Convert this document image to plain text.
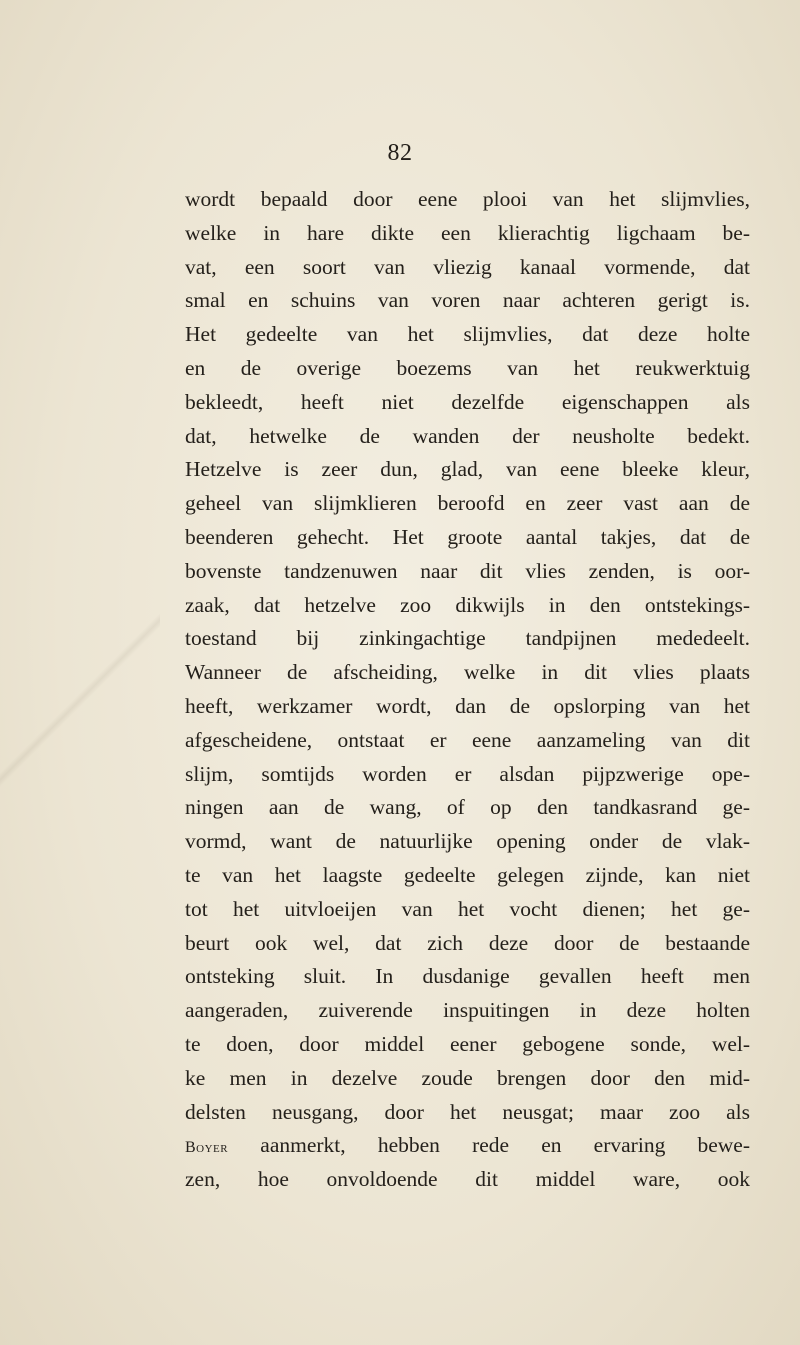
82
wordt bepaald door eene plooi van het slijmvlies,
welke in hare dikte een klierachtig ligchaam be-
vat, een soort van vliezig kanaal vormende, dat
smal en schuins van voren naar achteren gerigt is.
Het gedeelte van het slijmvlies, dat deze holte
en de overige boezems van het reukwerktuig
bekleedt, heeft niet dezelfde eigenschappen als
dat, hetwelke de wanden der neusholte bedekt.
Hetzelve is zeer dun, glad, van eene bleeke kleur,
geheel van slijmklieren beroofd en zeer vast aan de
beenderen gehecht. Het groote aantal takjes, dat de
bovenste tandzenuwen naar dit vlies zenden, is oor-
zaak, dat hetzelve zoo dikwijls in den ontstekings-
toestand bij zinkingachtige tandpijnen mededeelt.
Wanneer de afscheiding, welke in dit vlies plaats
heeft, werkzamer wordt, dan de opslorping van het
afgescheidene, ontstaat er eene aanzameling van dit
slijm, somtijds worden er alsdan pijpzwerige ope-
ningen aan de wang, of op den tandkasrand ge-
vormd, want de natuurlijke opening onder de vlak-
te van het laagste gedeelte gelegen zijnde, kan niet
tot het uitvloeijen van het vocht dienen; het ge-
beurt ook wel, dat zich deze door de bestaande
ontsteking sluit. In dusdanige gevallen heeft men
aangeraden, zuiverende inspuitingen in deze holten
te doen, door middel eener gebogene sonde, wel-
ke men in dezelve zoude brengen door den mid-
delsten neusgang, door het neusgat; maar zoo als
Boyer aanmerkt, hebben rede en ervaring bewe-
zen, hoe onvoldoende dit middel ware, ook
